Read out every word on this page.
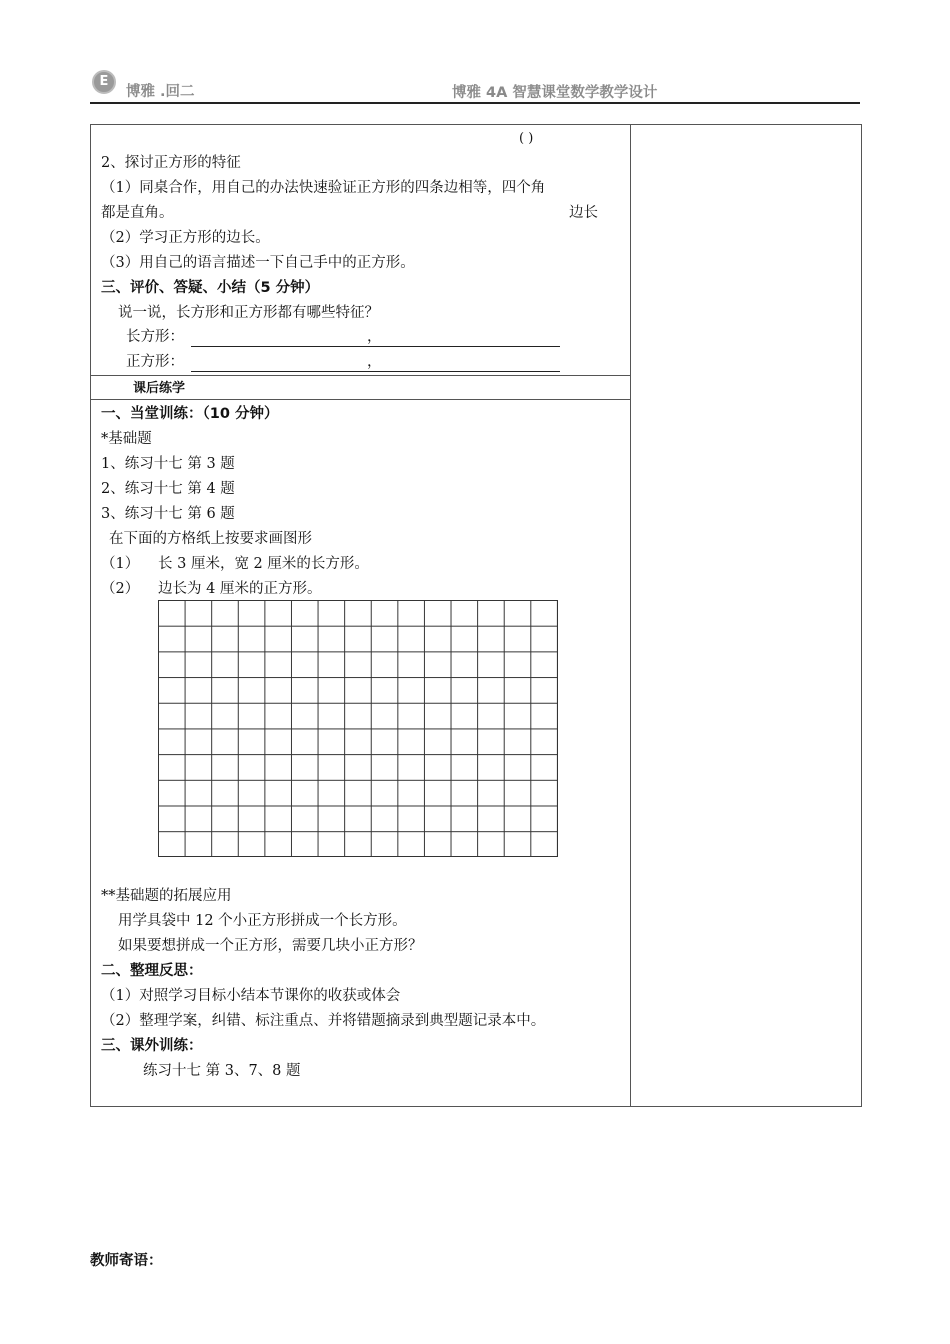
E
博雅 .回二	博雅 4A 智慧课堂数学教学设计
( )
2、探讨正方形的特征
（1）同桌合作，用自己的办法快速验证正方形的四条边相等，四个角
都是直角。	边长
（2）学习正方形的边长。
（3）用自己的语言描述一下自己手中的正方形。
三、评价、答疑、小结（5 分钟）
说一说，长方形和正方形都有哪些特征？
长方形：	，
正方形：	，
课后练学
一、当堂训练：（10 分钟）
*基础题
1、练习十七 第 3 题
2、练习十七 第 4 题
3、练习十七 第 6 题
在下面的方格纸上按要求画图形
（1） 长 3 厘米，宽 2 厘米的长方形。
（2） 边长为 4 厘米的正方形。
**基础题的拓展应用
用学具袋中 12 个小正方形拼成一个长方形。
如果要想拼成一个正方形，需要几块小正方形？
二、整理反思：
（1）对照学习目标小结本节课你的收获或体会
（2）整理学案，纠错、标注重点、并将错题摘录到典型题记录本中。
三、课外训练：
练习十七 第 3、7、8 题
教师寄语：
